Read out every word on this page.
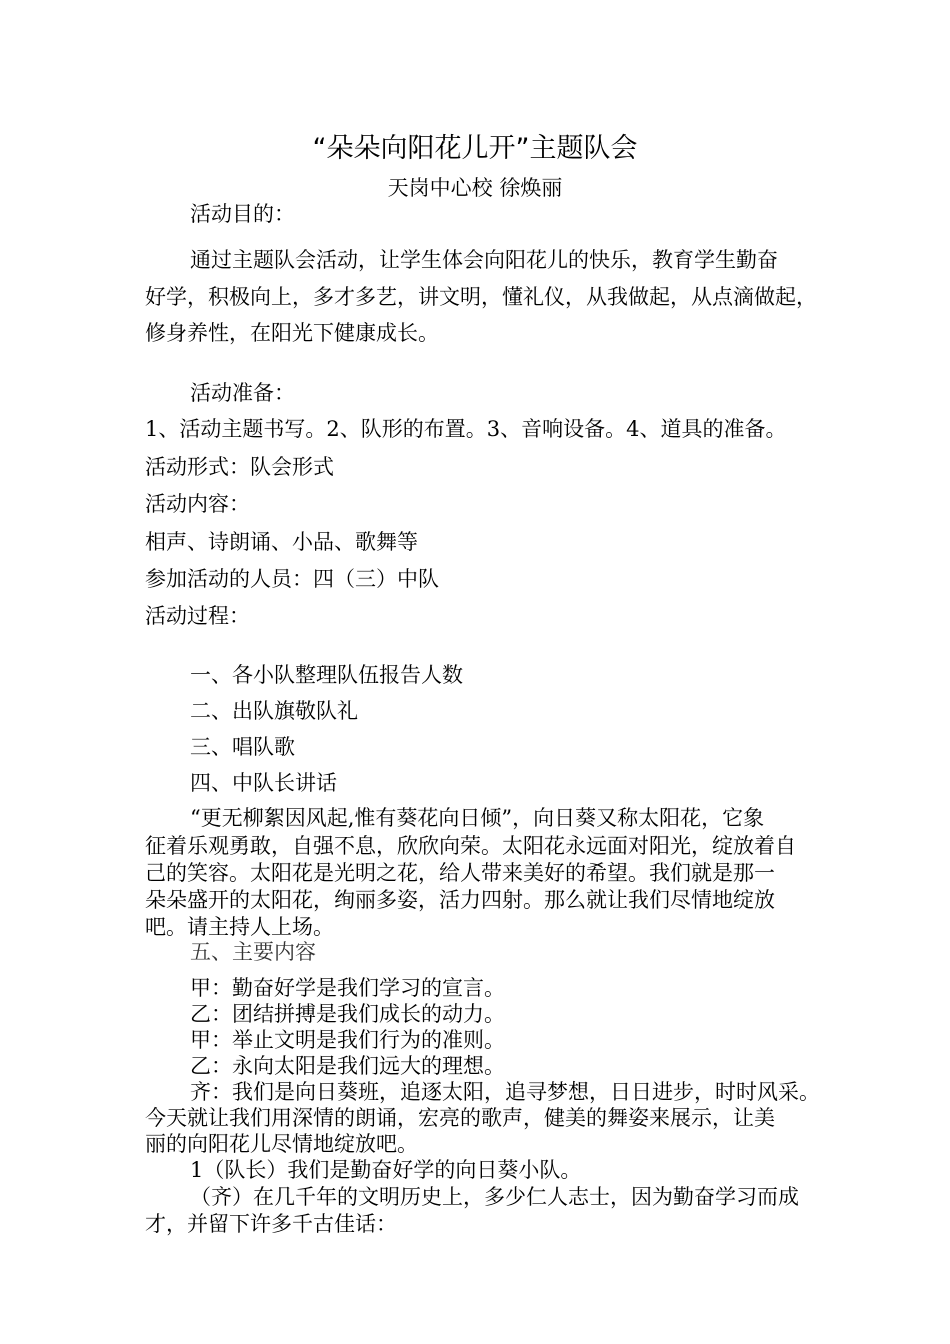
“朵朵向阳花儿开”主题队会
天岗中心校 徐焕丽
活动目的：
通过主题队会活动，让学生体会向阳花儿的快乐，教育学生勤奋
好学，积极向上，多才多艺，讲文明，懂礼仪，从我做起，从点滴做起，
修身养性，在阳光下健康成长。
活动准备：
1、活动主题书写。2、队形的布置。3、音响设备。4、道具的准备。
活动形式：队会形式
活动内容：
相声、诗朗诵、小品、歌舞等
参加活动的人员：四（三）中队
活动过程：
一、各小队整理队伍报告人数
二、出队旗敬队礼
三、唱队歌
四、中队长讲话
“更无柳絮因风起,惟有葵花向日倾”，向日葵又称太阳花，它象
征着乐观勇敢，自强不息，欣欣向荣。太阳花永远面对阳光，绽放着自
己的笑容。太阳花是光明之花，给人带来美好的希望。我们就是那一
朵朵盛开的太阳花，绚丽多姿，活力四射。那么就让我们尽情地绽放
吧。请主持人上场。
五、主要内容
甲：勤奋好学是我们学习的宣言。
乙：团结拼搏是我们成长的动力。
甲：举止文明是我们行为的准则。
乙：永向太阳是我们远大的理想。
齐：我们是向日葵班，追逐太阳，追寻梦想，日日进步，时时风采。
今天就让我们用深情的朗诵，宏亮的歌声，健美的舞姿来展示，让美
丽的向阳花儿尽情地绽放吧。
1（队长）我们是勤奋好学的向日葵小队。
（齐）在几千年的文明历史上，多少仁人志士，因为勤奋学习而成
才，并留下许多千古佳话：
